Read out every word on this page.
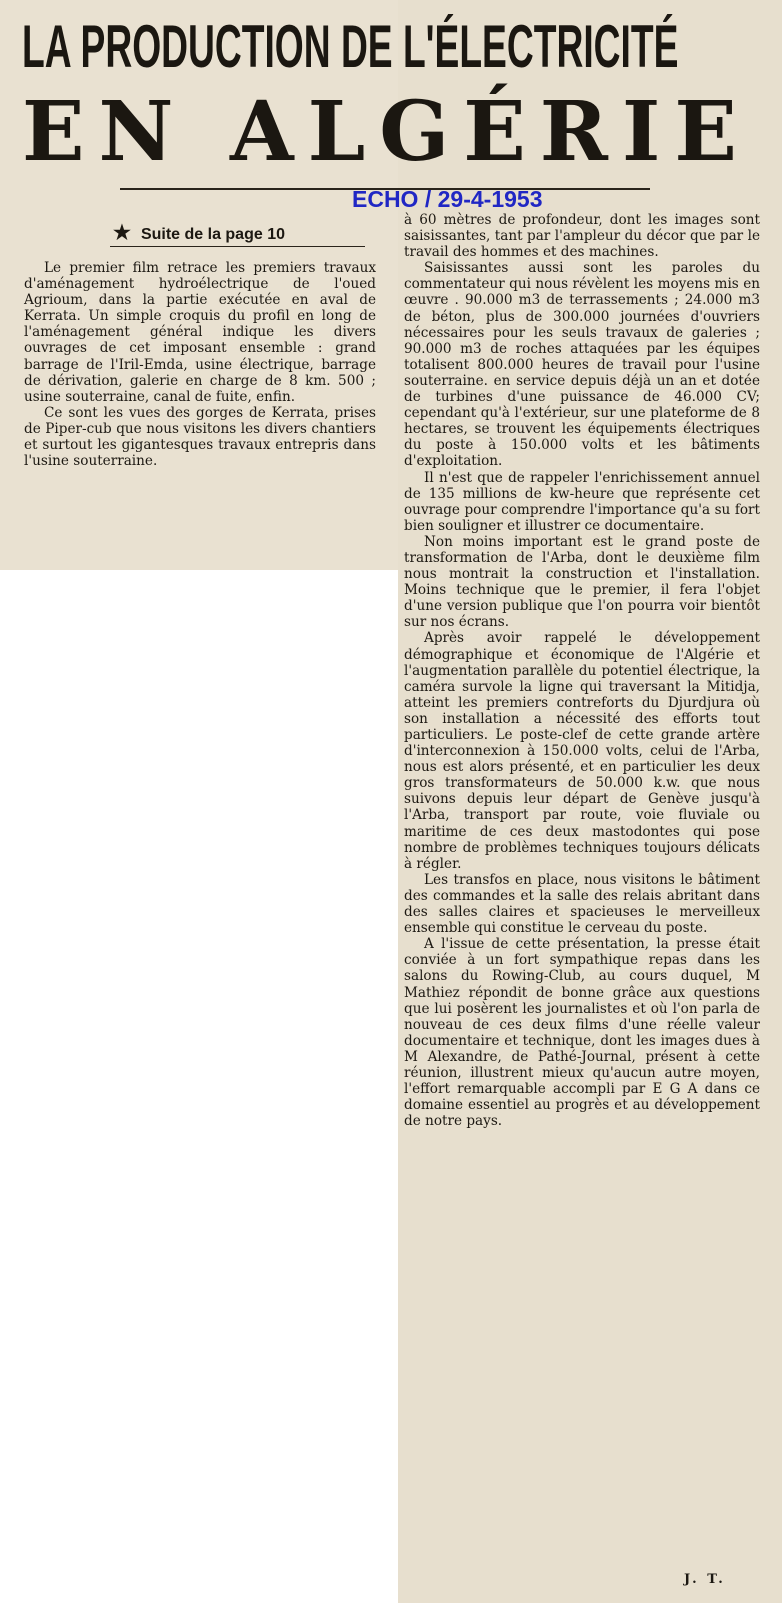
LA PRODUCTION DE L'ÉLECTRICITÉ
EN ALGÉRIE
ECHO / 29-4-1953
★ Suite de la page 10

Le premier film retrace les premiers travaux d'aménagement hydroélectrique de l'oued Agrioum, dans la partie exécutée en aval de Kerrata. Un simple croquis du profil en long de l'aménagement général indique les divers ouvrages de cet imposant ensemble : grand barrage de l'Iril-Emda, usine électrique, barrage de dérivation, galerie en charge de 8 km. 500 ; usine souterraine, canal de fuite, enfin.

Ce sont les vues des gorges de Kerrata, prises de Piper-cub que nous visitons les divers chantiers et surtout les gigantesques travaux entrepris dans l'usine souterraine.

à 60 mètres de profondeur, dont les images sont saisissantes, tant par l'ampleur du décor que par le travail des hommes et des machines.

Saisissantes aussi sont les paroles du commentateur qui nous révèlent les moyens mis en œuvre . 90.000 m3 de terrassements ; 24.000 m3 de béton, plus de 300.000 journées d'ouvriers nécessaires pour les seuls travaux de galeries ; 90.000 m3 de roches attaquées par les équipes totalisent 800.000 heures de travail pour l'usine souterraine. en service depuis déjà un an et dotée de turbines d'une puissance de 46.000 CV; cependant qu'à l'extérieur, sur une plateforme de 8 hectares, se trouvent les équipements électriques du poste à 150.000 volts et les bâtiments d'exploitation.

Il n'est que de rappeler l'enrichissement annuel de 135 millions de kw-heure que représente cet ouvrage pour comprendre l'importance qu'a su fort bien souligner et illustrer ce documentaire.

Non moins important est le grand poste de transformation de l'Arba, dont le deuxième film nous montrait la construction et l'installation. Moins technique que le premier, il fera l'objet d'une version publique que l'on pourra voir bientôt sur nos écrans.

Après avoir rappelé le développement démographique et économique de l'Algérie et l'augmentation parallèle du potentiel électrique, la caméra survole la ligne qui traversant la Mitidja, atteint les premiers contreforts du Djurdjura où son installation a nécessité des efforts tout particuliers. Le poste-clef de cette grande artère d'interconnexion à 150.000 volts, celui de l'Arba, nous est alors présenté, et en particulier les deux gros transformateurs de 50.000 k.w. que nous suivons depuis leur départ de Genève jusqu'à l'Arba, transport par route, voie fluviale ou maritime de ces deux mastodontes qui pose nombre de problèmes techniques toujours délicats à régler.

Les transfos en place, nous visitons le bâtiment des commandes et la salle des relais abritant dans des salles claires et spacieuses le merveilleux ensemble qui constitue le cerveau du poste.

A l'issue de cette présentation, la presse était conviée à un fort sympathique repas dans les salons du Rowing-Club, au cours duquel, M Mathiez répondit de bonne grâce aux questions que lui posèrent les journalistes et où l'on parla de nouveau de ces deux films d'une réelle valeur documentaire et technique, dont les images dues à M Alexandre, de Pathé-Journal, présent à cette réunion, illustrent mieux qu'aucun autre moyen, l'effort remarquable accompli par E G A dans ce domaine essentiel au progrès et au développement de notre pays.

J. T.
